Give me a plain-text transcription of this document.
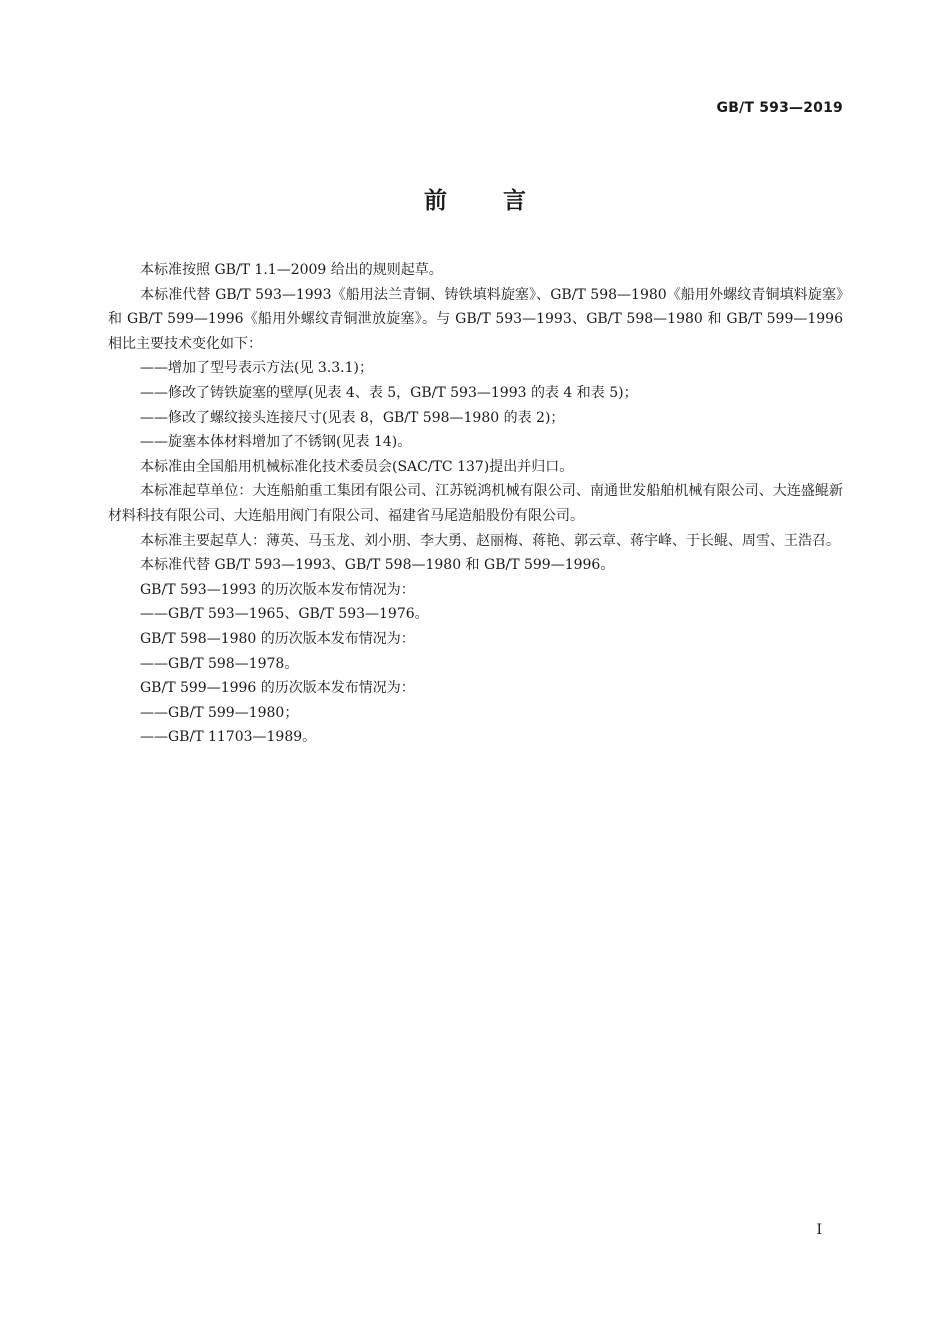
GB/T 593—2019
前言

本标准按照 GB/T 1.1—2009 给出的规则起草。

本标准代替 GB/T 593—1993《船用法兰青铜、铸铁填料旋塞》、GB/T 598—1980《船用外螺纹青铜填料旋塞》和 GB/T 599—1996《船用外螺纹青铜泄放旋塞》。与 GB/T 593—1993、GB/T 598—1980 和 GB/T 599—1996 相比主要技术变化如下：

——增加了型号表示方法(见 3.3.1)；

——修改了铸铁旋塞的壁厚(见表 4、表 5，GB/T 593—1993 的表 4 和表 5)；

——修改了螺纹接头连接尺寸(见表 8，GB/T 598—1980 的表 2)；

——旋塞本体材料增加了不锈钢(见表 14)。

本标准由全国船用机械标准化技术委员会(SAC/TC 137)提出并归口。

本标准起草单位：大连船舶重工集团有限公司、江苏锐鸿机械有限公司、南通世发船舶机械有限公司、大连盛鲲新材料科技有限公司、大连船用阀门有限公司、福建省马尾造船股份有限公司。

本标准主要起草人：薄英、马玉龙、刘小朋、李大勇、赵丽梅、蒋艳、郭云章、蒋宇峰、于长鲲、周雪、王浩召。

本标准代替 GB/T 593—1993、GB/T 598—1980 和 GB/T 599—1996。

GB/T 593—1993 的历次版本发布情况为：

——GB/T 593—1965、GB/T 593—1976。

GB/T 598—1980 的历次版本发布情况为：

——GB/T 598—1978。

GB/T 599—1996 的历次版本发布情况为：

——GB/T 599—1980；

——GB/T 11703—1989。

I
